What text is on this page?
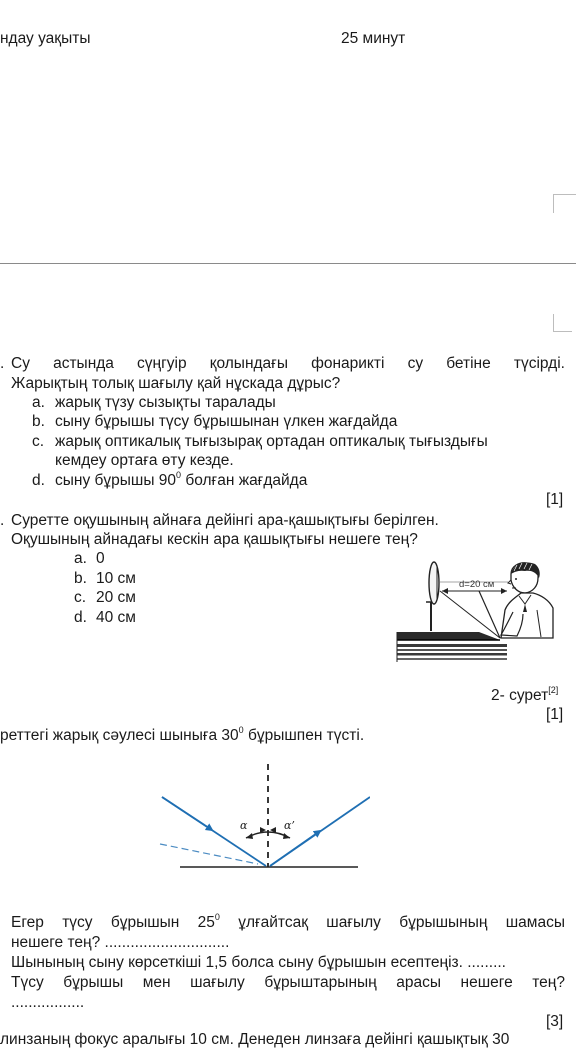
ндау уақыты	25 минут
. Су астында сүңгуір қолындағы фонарикті су бетіне түсірді.
Жарықтың толық шағылу қай нұскада дұрыс?
a. жарық түзу сызықты таралады
b. сыну бұрышы түсу бұрышынан үлкен жағдайда
c. жарық оптикалық тығызырақ ортадан оптикалық тығыздығы
кемдеу ортаға өту кезде.
d. сыну бұрышы $90^0$ болған жағдайда
[1]
. Суретте оқушының айнаға дейінгі ара-қашықтығы берілген.
Оқушының айнадағы кескін ара қашықтығы нешеге тең?
a. 0
b. 10 см
c. 20 см
d. 40 см
d=20 см
2- сурет[2]
[1]
реттегі жарық сәулесі шыныға $30^0$ бұрышпен түсті.
α	α’
Егер түсу бұрышын $25^0$ ұлғайтсақ шағылу бұрышының шамасы
нешеге тең? .............................
Шынының сыну көрсеткіші 1,5 болса сыну бұрышын есептеңіз. .........
Түсу бұрышы мен шағылу бұрыштарының арасы нешеге тең?
.................
[3]
линзаның фокус аралығы 10 см. Денеден линзаға дейінгі қашықтық 30
